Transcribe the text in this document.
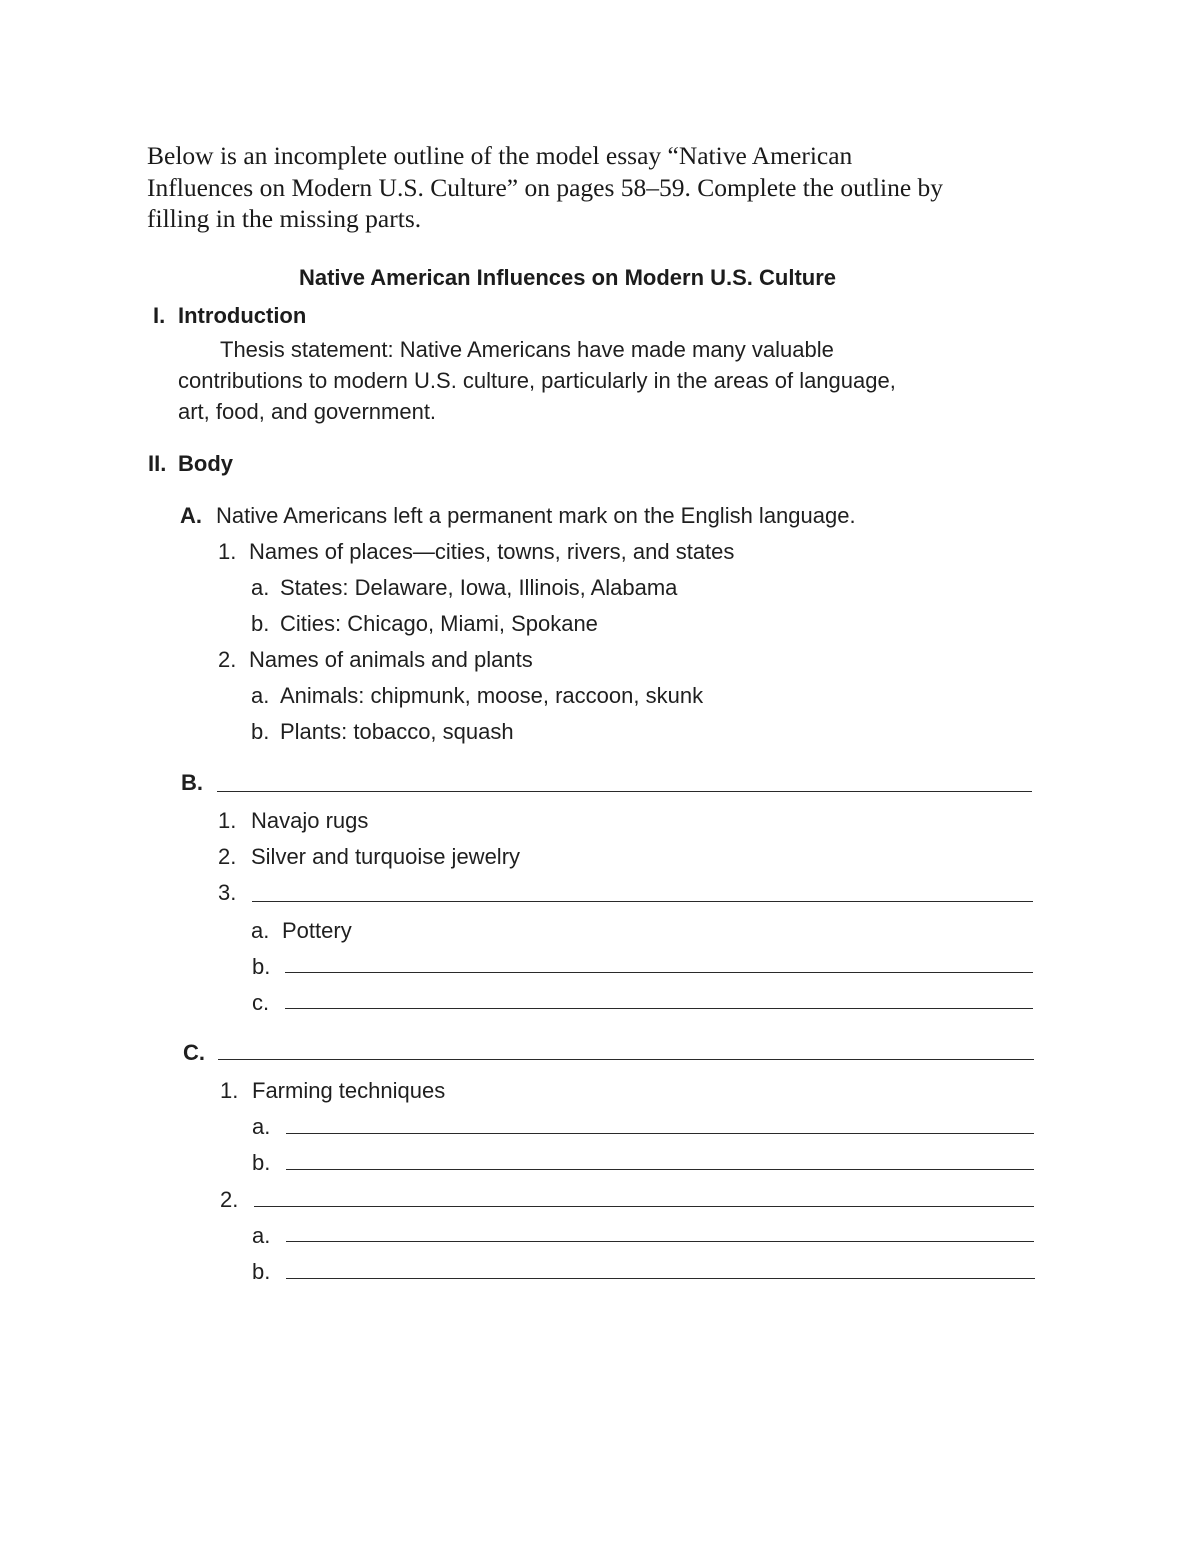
Below is an incomplete outline of the model essay “Native American
Influences on Modern U.S. Culture” on pages 58–59. Complete the outline by
filling in the missing parts.
Native American Influences on Modern U.S. Culture
I. Introduction
Thesis statement: Native Americans have made many valuable
contributions to modern U.S. culture, particularly in the areas of language,
art, food, and government.
II. Body
A. Native Americans left a permanent mark on the English language.
1. Names of places—cities, towns, rivers, and states
a. States: Delaware, Iowa, Illinois, Alabama
b. Cities: Chicago, Miami, Spokane
2. Names of animals and plants
a. Animals: chipmunk, moose, raccoon, skunk
b. Plants: tobacco, squash
B.
1. Navajo rugs
2. Silver and turquoise jewelry
3.
a. Pottery
b.
c.
C.
1. Farming techniques
a.
b.
2.
a.
b.
